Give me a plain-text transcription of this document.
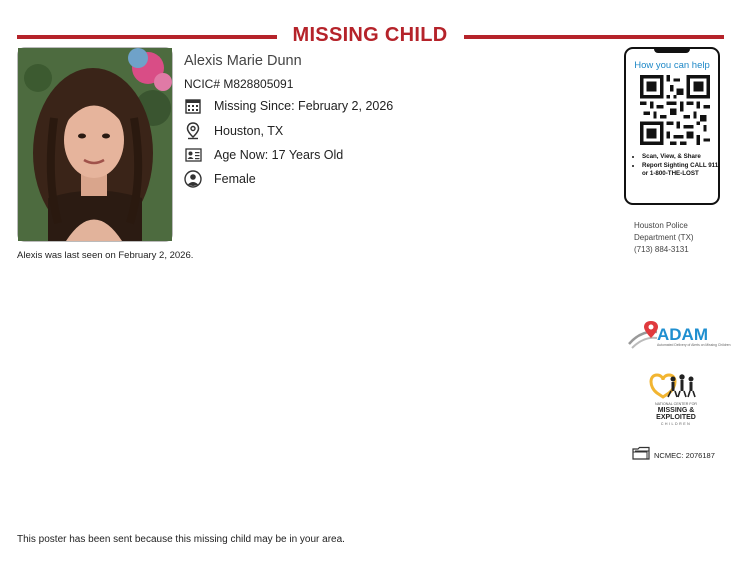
MISSING CHILD
Alexis Marie Dunn
NCIC# M828805091
Missing Since: February 2, 2026
Houston, TX
Age Now: 17 Years Old
Female
Alexis was last seen on February 2, 2026.
How you can help
• Scan, View, & Share
• Report Sighting CALL 911 or 1-800-THE-LOST
Houston Police
Department (TX)
(713) 884-3131
ADAM
Automated Delivery of Alerts on Missing Children
NATIONAL CENTER FOR
MISSING &
EXPLOITED
CHILDREN
NCMEC: 2076187
This poster has been sent because this missing child may be in your area.
